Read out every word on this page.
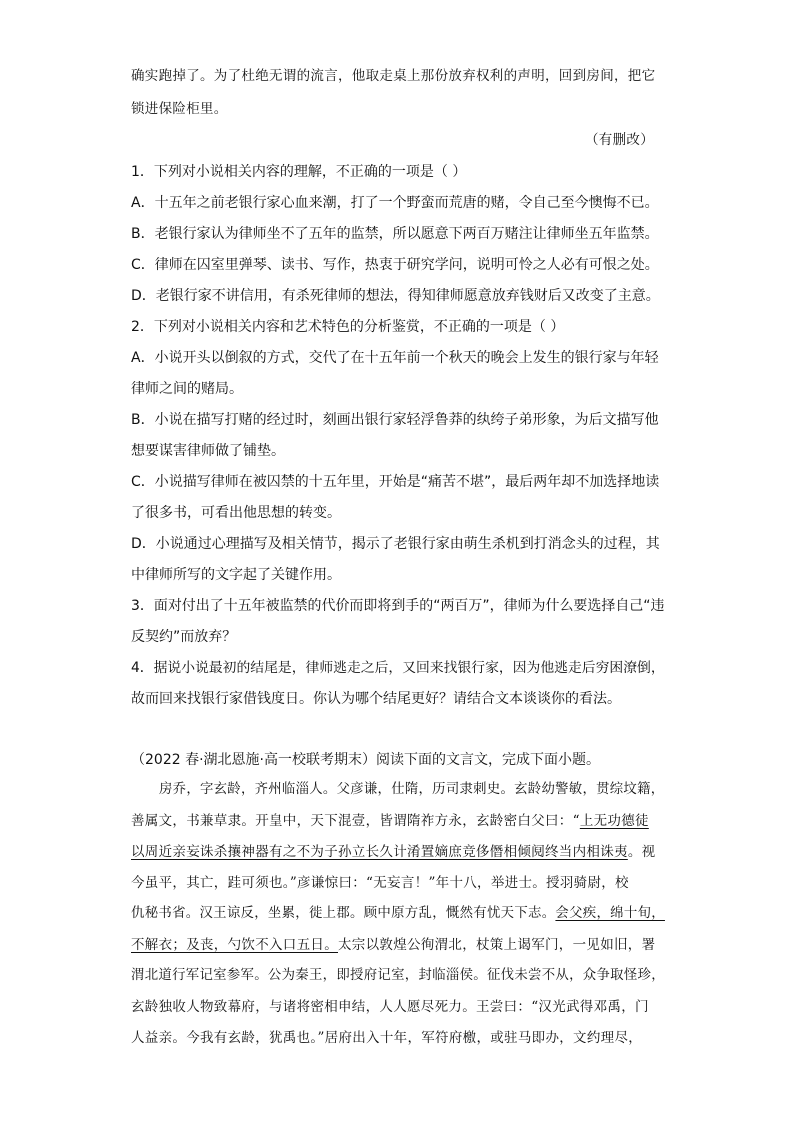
确实跑掉了。为了杜绝无谓的流言，他取走桌上那份放弃权利的声明，回到房间，把它
锁进保险柜里。
（有删改）
1．下列对小说相关内容的理解，不正确的一项是（ ）
A．十五年之前老银行家心血来潮，打了一个野蛮而荒唐的赌，令自己至今懊悔不已。
B．老银行家认为律师坐不了五年的监禁，所以愿意下两百万赌注让律师坐五年监禁。
C．律师在囚室里弹琴、读书、写作，热衷于研究学问，说明可怜之人必有可恨之处。
D．老银行家不讲信用，有杀死律师的想法，得知律师愿意放弃钱财后又改变了主意。
2．下列对小说相关内容和艺术特色的分析鉴赏，不正确的一项是（ ）
A．小说开头以倒叙的方式，交代了在十五年前一个秋天的晚会上发生的银行家与年轻
律师之间的赌局。
B．小说在描写打赌的经过时，刻画出银行家轻浮鲁莽的纨绔子弟形象，为后文描写他
想要谋害律师做了铺垫。
C．小说描写律师在被囚禁的十五年里，开始是“痛苦不堪”，最后两年却不加选择地读
了很多书，可看出他思想的转变。
D．小说通过心理描写及相关情节，揭示了老银行家由萌生杀机到打消念头的过程，其
中律师所写的文字起了关键作用。
3．面对付出了十五年被监禁的代价而即将到手的“两百万”，律师为什么要选择自己“违
反契约”而放弃？
4．据说小说最初的结尾是，律师逃走之后，又回来找银行家，因为他逃走后穷困潦倒，
故而回来找银行家借钱度日。你认为哪个结尾更好？请结合文本谈谈你的看法。
（2022 春·湖北恩施·高一校联考期末）阅读下面的文言文，完成下面小题。
房乔，字玄龄，齐州临淄人。父彦谦，仕隋，历司隶刺史。玄龄幼警敏，贯综坟籍，
善属文，书兼草隶。开皇中，天下混壹，皆谓隋祚方永，玄龄密白父曰：“上无功德徒
以周近亲妄诛杀攘神器有之不为子孙立长久计淆置嫡庶竞侈僭相倾阋终当内相诛夷。视
今虽平，其亡，跬可须也。”彦谦惊曰：“无妄言！”年十八，举进士。授羽骑尉，校
仇秘书省。汉王谅反，坐累，徙上郡。顾中原方乱，慨然有忧天下志。会父疾，绵十旬，
不解衣；及丧，勺饮不入口五日。太宗以敦煌公徇渭北，杖策上谒军门，一见如旧，署
渭北道行军记室参军。公为秦王，即授府记室，封临淄侯。征伐未尝不从，众争取怪珍，
玄龄独收人物致幕府，与诸将密相申结，人人愿尽死力。王尝曰：“汉光武得邓禹，门
人益亲。今我有玄龄，犹禹也。”居府出入十年，军符府檄，或驻马即办，文约理尽，
